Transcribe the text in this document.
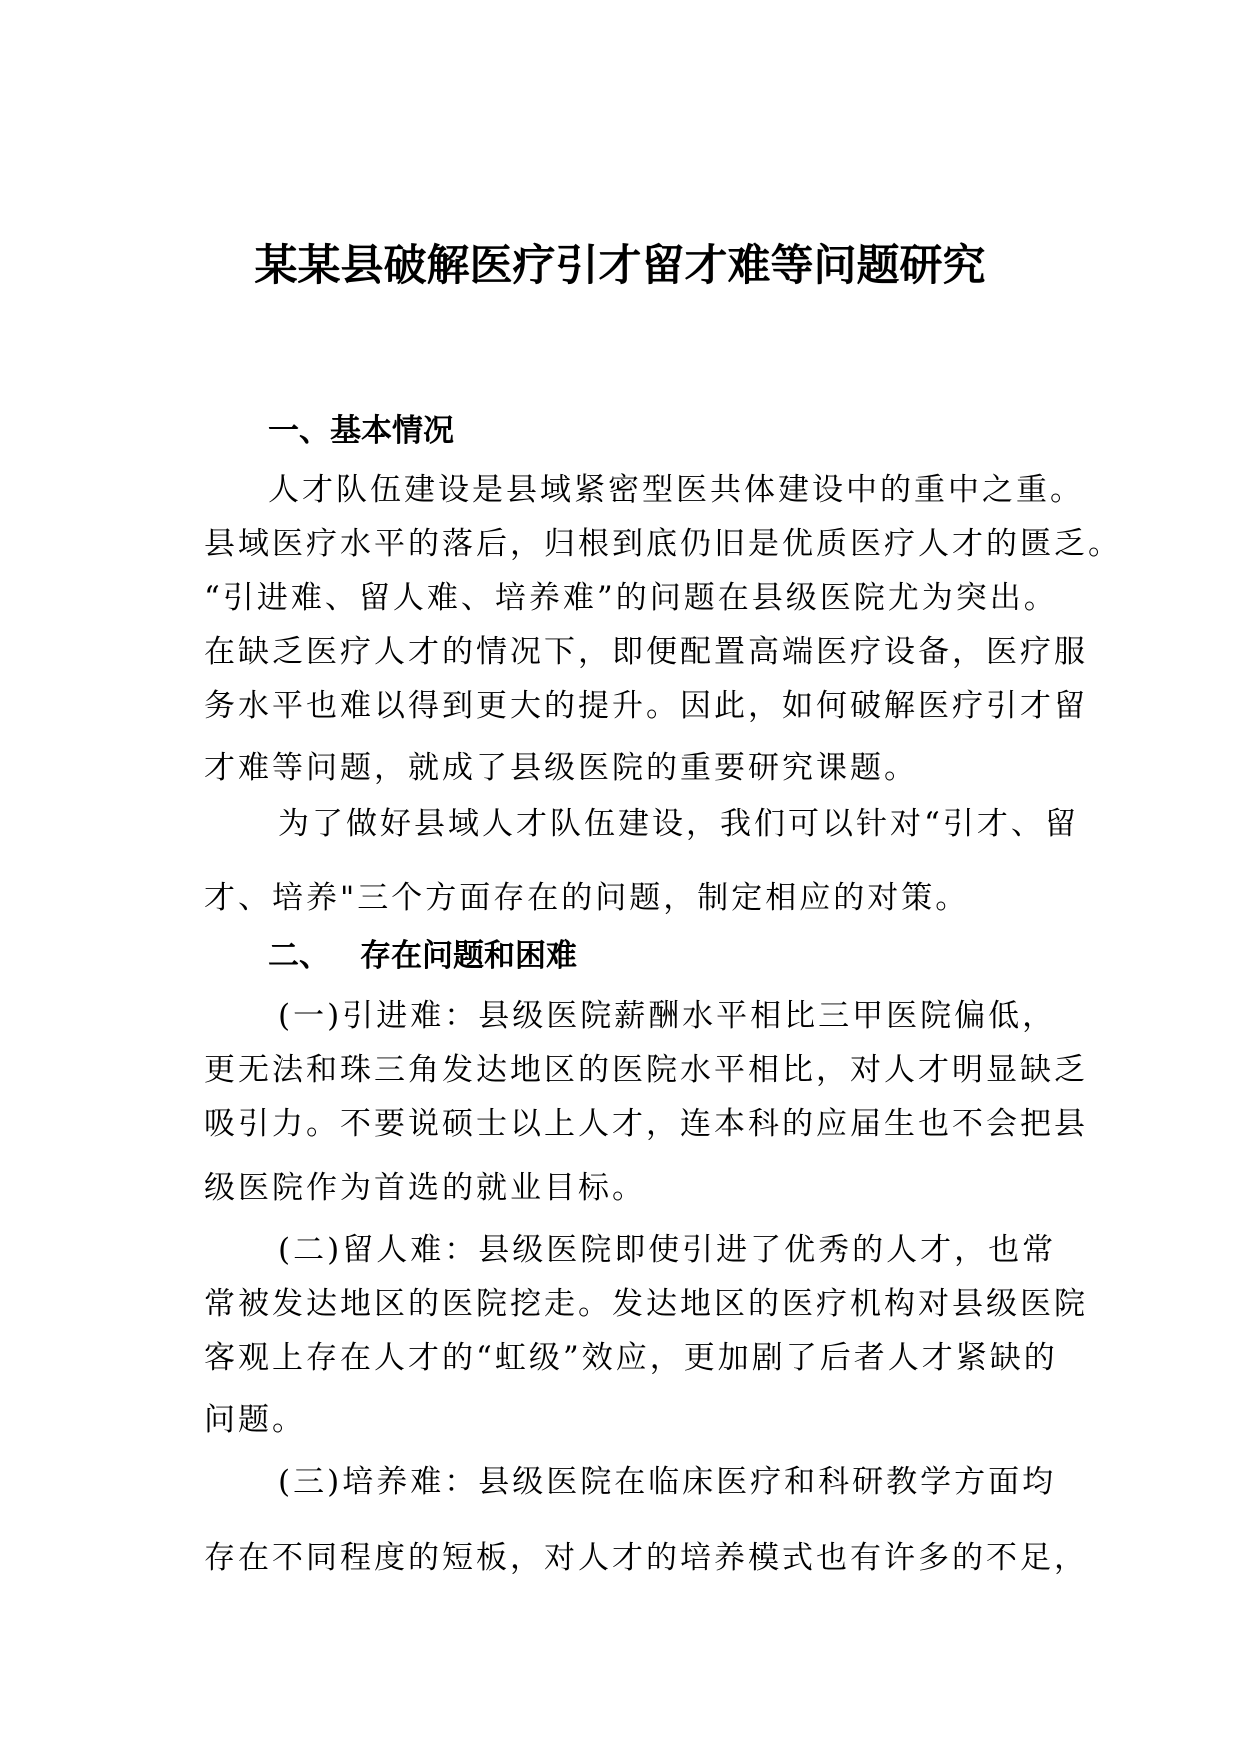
某某县破解医疗引才留才难等问题研究
一、基本情况
人才队伍建设是县域紧密型医共体建设中的重中之重。
县域医疗水平的落后，归根到底仍旧是优质医疗人才的匮乏。
“引进难、留人难、培养难”的问题在县级医院尤为突出。
在缺乏医疗人才的情况下，即便配置高端医疗设备，医疗服
务水平也难以得到更大的提升。因此，如何破解医疗引才留
才难等问题，就成了县级医院的重要研究课题。
为了做好县域人才队伍建设，我们可以针对“引才、留
才、培养"三个方面存在的问题，制定相应的对策。
二、 存在问题和困难
(一)引进难：县级医院薪酬水平相比三甲医院偏低，
更无法和珠三角发达地区的医院水平相比，对人才明显缺乏
吸引力。不要说硕士以上人才，连本科的应届生也不会把县
级医院作为首选的就业目标。
(二)留人难：县级医院即使引进了优秀的人才，也常
常被发达地区的医院挖走。发达地区的医疗机构对县级医院
客观上存在人才的“虹级”效应，更加剧了后者人才紧缺的
问题。
(三)培养难：县级医院在临床医疗和科研教学方面均
存在不同程度的短板，对人才的培养模式也有许多的不足，
